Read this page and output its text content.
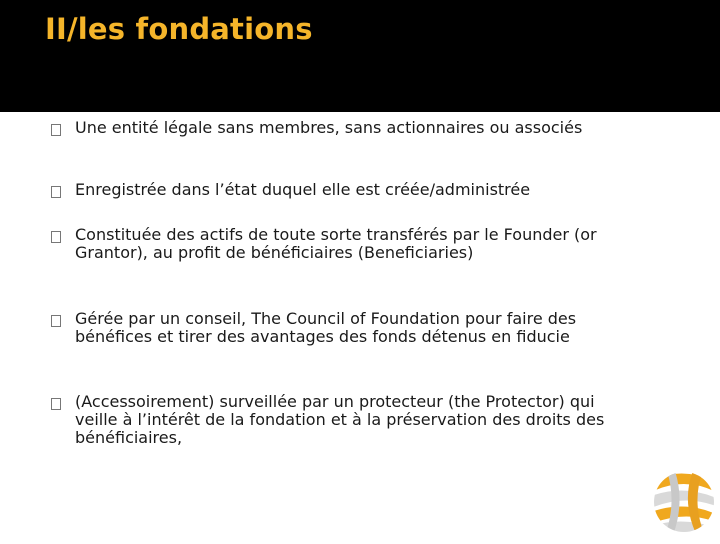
II/les fondations
Une entité légale sans membres, sans actionnaires ou associés
Enregistrée dans l’état duquel elle est créée/administrée
Constituée des actifs de toute sorte transférés par le Founder (or Grantor), au profit de bénéficiaires (Beneficiaries)
Gérée par un conseil, The Council of Foundation pour faire des bénéfices et tirer des avantages des fonds détenus en fiducie
(Accessoirement) surveillée par un protecteur (the Protector) qui veille à l’intérêt de la fondation et à la préservation des droits des bénéficiaires,
